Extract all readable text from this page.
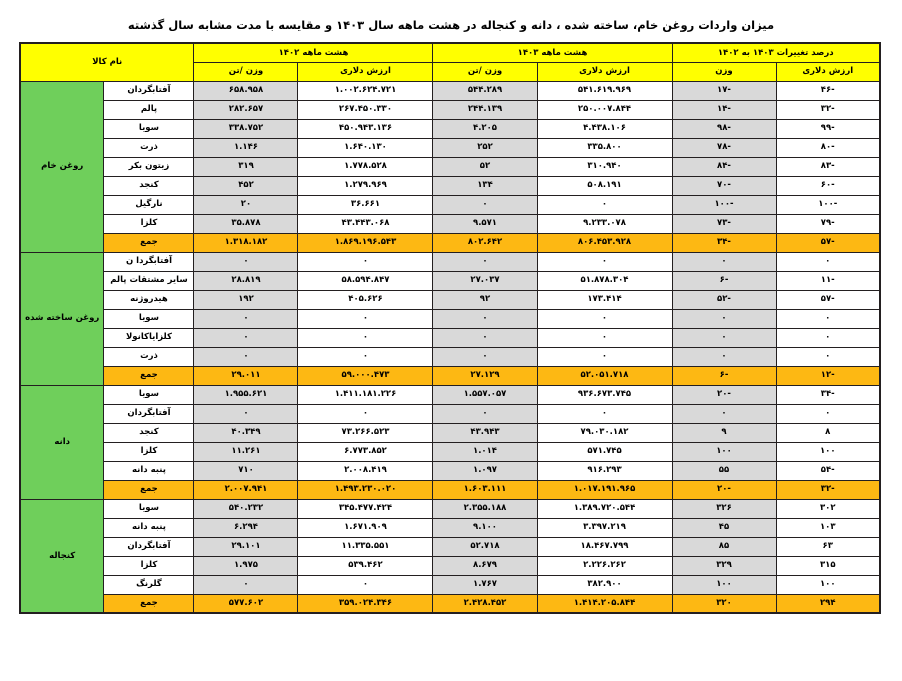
میزان واردات روغن خام، ساخته شده ، دانه و کنجاله در هشت ماهه سال ۱۴۰۳ و مقایسه با مدت مشابه سال گذشته
درصد تغییرات ۱۴۰۳ به ۱۴۰۲		هشت ماهه ۱۴۰۳		هشت ماهه ۱۴۰۲		نام کالا	
ارزش دلاری	وزن	ارزش دلاری	وزن /تن	ارزش دلاری	وزن /تن		
-۴۶	-۱۷	۵۴۱.۶۱۹.۹۶۹	۵۴۴.۲۸۹	۱.۰۰۲.۶۲۴.۷۲۱	۶۵۸.۹۵۸	آفتابگردان	روغن خام
-۳۲	-۱۴	۲۵۰.۰۰۷.۸۴۴	۲۴۴.۱۳۹	۲۶۷.۴۵۰.۳۳۰	۲۸۲.۶۵۷	پالم	
-۹۹	-۹۸	۴.۴۳۸.۱۰۶	۴.۲۰۵	۴۵۰.۹۴۳.۱۳۶	۳۳۸.۷۵۲	سویا	
-۸۰	-۷۸	۳۳۵.۸۰۰	۲۵۲	۱.۶۴۰.۱۳۰	۱.۱۴۶	ذرت	
-۸۳	-۸۴	۳۱۰.۹۴۰	۵۲	۱.۷۷۸.۵۲۸	۳۱۹	زیتون بکر	
-۶۰	-۷۰	۵۰۸.۱۹۱	۱۳۴	۱.۲۷۹.۹۶۹	۴۵۲	کنجد	
-۱۰۰	-۱۰۰	۰	۰	۳۶.۶۶۱	۲۰	نارگیل	
-۷۹	-۷۳	۹.۲۳۳.۰۷۸	۹.۵۷۱	۴۳.۴۴۳.۰۶۸	۳۵.۸۷۸	کلزا	
-۵۷	-۳۴	۸۰۶.۴۵۳.۹۲۸	۸۰۲.۶۴۲	۱.۸۶۹.۱۹۶.۵۴۳	۱.۳۱۸.۱۸۲	جمع	
۰	۰	۰	۰	۰	۰	آفتابگردا ن	روغن ساخته شده
-۱۱	-۶	۵۱.۸۷۸.۳۰۴	۲۷.۰۳۷	۵۸.۵۹۴.۸۴۷	۲۸.۸۱۹	سایر مشتقات پالم	
-۵۷	-۵۲	۱۷۳.۴۱۴	۹۲	۴۰۵.۶۲۶	۱۹۲	هیدروژنه	
۰	۰	۰	۰	۰	۰	سویا	
۰	۰	۰	۰	۰	۰	کلزایاکانولا	
۰	۰	۰	۰	۰	۰	ذرت	
-۱۲	-۶	۵۲.۰۵۱.۷۱۸	۲۷.۱۲۹	۵۹.۰۰۰.۴۷۳	۲۹.۰۱۱	جمع	
-۳۴	-۲۰	۹۳۶.۶۷۳.۷۴۵	۱.۵۵۷.۰۵۷	۱.۴۱۱.۱۸۱.۲۲۶	۱.۹۵۵.۶۲۱	سویا	دانه
۰	۰	۰	۰	۰	۰	آفتابگردان	
۸	۹	۷۹.۰۳۰.۱۸۲	۴۳.۹۴۳	۷۳.۲۶۶.۵۲۳	۴۰.۳۴۹	کنجد	
۱۰۰	۱۰۰	۵۷۱.۷۴۵	۱.۰۱۴	۶.۷۷۳.۸۵۲	۱۱.۲۶۱	کلزا	
-۵۴	۵۵	۹۱۶.۲۹۳	۱.۰۹۷	۲.۰۰۸.۴۱۹	۷۱۰	پنبه دانه	
-۳۲	-۲۰	۱.۰۱۷.۱۹۱.۹۶۵	۱.۶۰۳.۱۱۱	۱.۴۹۳.۲۳۰.۰۲۰	۲.۰۰۷.۹۴۱	جمع	
۳۰۲	۳۲۶	۱.۳۸۹.۷۲۰.۵۴۴	۲.۳۵۵.۱۸۸	۳۴۵.۴۷۷.۴۲۴	۵۴۰.۲۳۲	سویا	کنجاله
۱۰۳	۴۵	۳.۳۹۷.۲۱۹	۹.۱۰۰	۱.۶۷۱.۹۰۹	۶.۲۹۴	پنبه دانه	
۶۳	۸۵	۱۸.۴۶۷.۷۹۹	۵۲.۷۱۸	۱۱.۳۳۵.۵۵۱	۲۹.۱۰۱	آفتابگردان	
۳۱۵	۳۲۹	۲.۲۲۶.۲۶۲	۸.۶۷۹	۵۳۹.۴۶۲	۱.۹۷۵	کلزا	
۱۰۰	۱۰۰	۳۸۲.۹۰۰	۱.۷۶۷	۰	۰	گلرنگ	
۲۹۴	۳۲۰	۱.۴۱۴.۲۰۵.۸۴۴	۲.۴۲۸.۴۵۲	۳۵۹.۰۲۴.۳۴۶	۵۷۷.۶۰۲	جمع	
